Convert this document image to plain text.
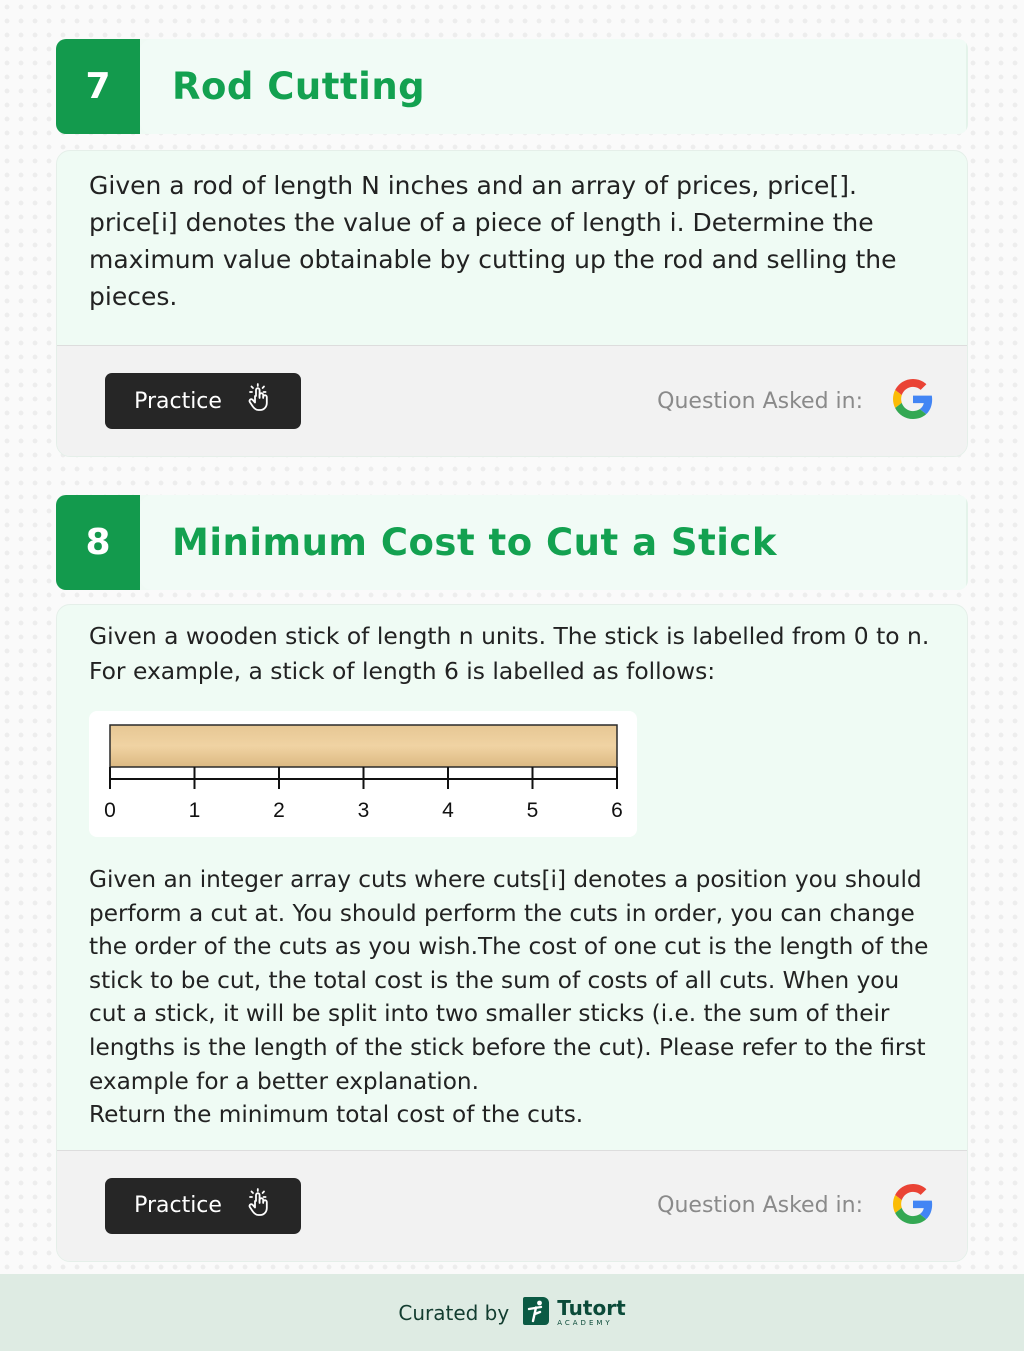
7	Rod Cutting

Given a rod of length N inches and an array of prices, price[]. price[i] denotes the value of a piece of length i. Determine the maximum value obtainable by cutting up the rod and selling the pieces.

Practice	Question Asked in:
8	Minimum Cost to Cut a Stick

Given a wooden stick of length n units. The stick is labelled from 0 to n. For example, a stick of length 6 is labelled as follows:

0	1	2	3	4	5	6

Given an integer array cuts where cuts[i] denotes a position you should perform a cut at. You should perform the cuts in order, you can change the order of the cuts as you wish.The cost of one cut is the length of the stick to be cut, the total cost is the sum of costs of all cuts. When you cut a stick, it will be split into two smaller sticks (i.e. the sum of their lengths is the length of the stick before the cut). Please refer to the first example for a better explanation.

Return the minimum total cost of the cuts.

Practice	Question Asked in:
Curated by Tutort
ACADEMY
